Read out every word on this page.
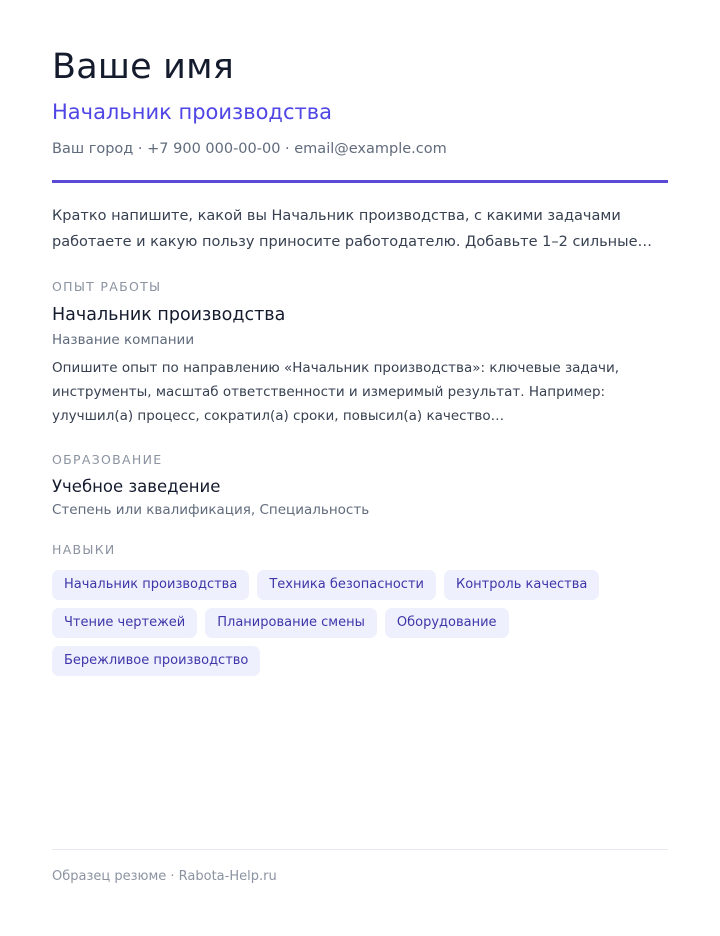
Ваше имя
Начальник производства
Ваш город · +7 900 000-00-00 · email@example.com
Кратко напишите, какой вы Начальник производства, с какими задачами работаете и какую пользу приносите работодателю. Добавьте 1–2 сильные…
ОПЫТ РАБОТЫ
Начальник производства
Название компании
Опишите опыт по направлению «Начальник производства»: ключевые задачи, инструменты, масштаб ответственности и измеримый результат. Например: улучшил(а) процесс, сократил(а) сроки, повысил(а) качество…
ОБРАЗОВАНИЕ
Учебное заведение
Степень или квалификация, Специальность
НАВЫКИ
Начальник производства	Техника безопасности	Контроль качества
Чтение чертежей	Планирование смены	Оборудование
Бережливое производство
Образец резюме · Rabota-Help.ru
